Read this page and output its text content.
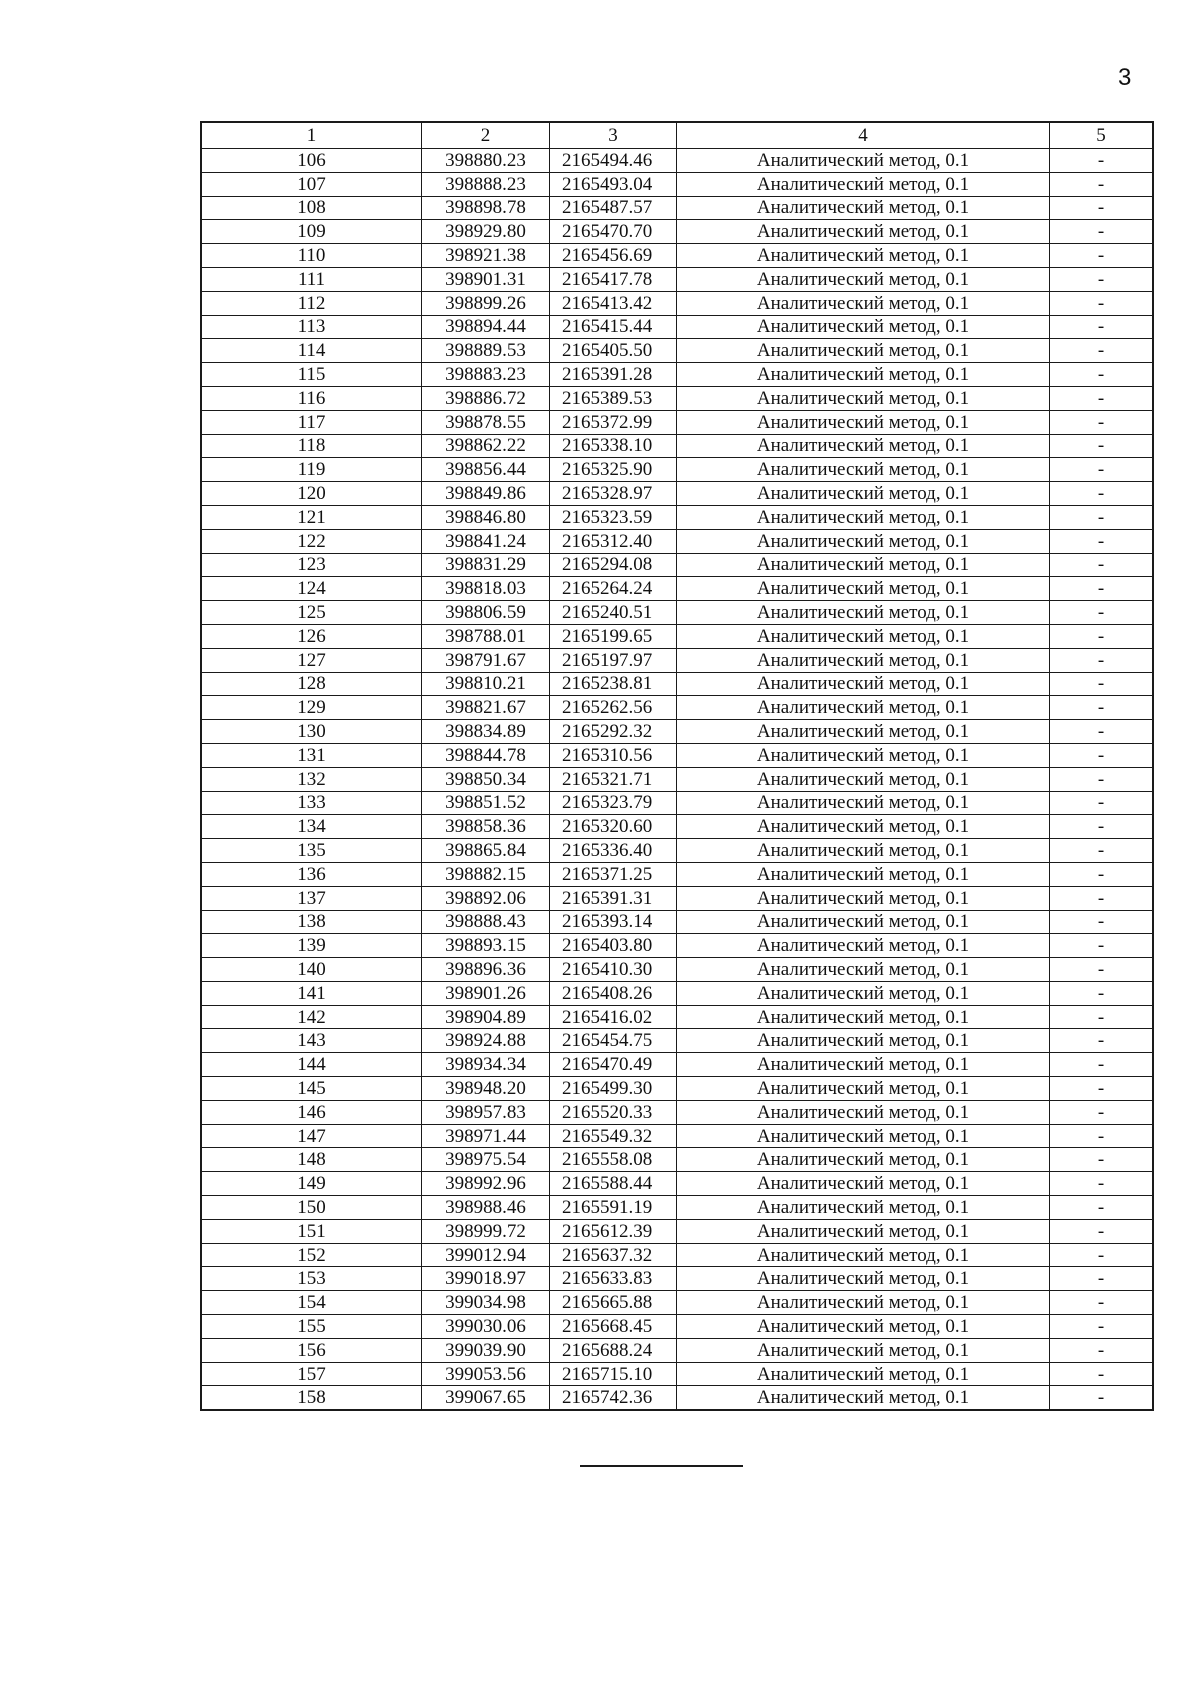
3
1	2	3	4	5
106	398880.23	2165494.46	Аналитический метод, 0.1	-
107	398888.23	2165493.04	Аналитический метод, 0.1	-
108	398898.78	2165487.57	Аналитический метод, 0.1	-
109	398929.80	2165470.70	Аналитический метод, 0.1	-
110	398921.38	2165456.69	Аналитический метод, 0.1	-
111	398901.31	2165417.78	Аналитический метод, 0.1	-
112	398899.26	2165413.42	Аналитический метод, 0.1	-
113	398894.44	2165415.44	Аналитический метод, 0.1	-
114	398889.53	2165405.50	Аналитический метод, 0.1	-
115	398883.23	2165391.28	Аналитический метод, 0.1	-
116	398886.72	2165389.53	Аналитический метод, 0.1	-
117	398878.55	2165372.99	Аналитический метод, 0.1	-
118	398862.22	2165338.10	Аналитический метод, 0.1	-
119	398856.44	2165325.90	Аналитический метод, 0.1	-
120	398849.86	2165328.97	Аналитический метод, 0.1	-
121	398846.80	2165323.59	Аналитический метод, 0.1	-
122	398841.24	2165312.40	Аналитический метод, 0.1	-
123	398831.29	2165294.08	Аналитический метод, 0.1	-
124	398818.03	2165264.24	Аналитический метод, 0.1	-
125	398806.59	2165240.51	Аналитический метод, 0.1	-
126	398788.01	2165199.65	Аналитический метод, 0.1	-
127	398791.67	2165197.97	Аналитический метод, 0.1	-
128	398810.21	2165238.81	Аналитический метод, 0.1	-
129	398821.67	2165262.56	Аналитический метод, 0.1	-
130	398834.89	2165292.32	Аналитический метод, 0.1	-
131	398844.78	2165310.56	Аналитический метод, 0.1	-
132	398850.34	2165321.71	Аналитический метод, 0.1	-
133	398851.52	2165323.79	Аналитический метод, 0.1	-
134	398858.36	2165320.60	Аналитический метод, 0.1	-
135	398865.84	2165336.40	Аналитический метод, 0.1	-
136	398882.15	2165371.25	Аналитический метод, 0.1	-
137	398892.06	2165391.31	Аналитический метод, 0.1	-
138	398888.43	2165393.14	Аналитический метод, 0.1	-
139	398893.15	2165403.80	Аналитический метод, 0.1	-
140	398896.36	2165410.30	Аналитический метод, 0.1	-
141	398901.26	2165408.26	Аналитический метод, 0.1	-
142	398904.89	2165416.02	Аналитический метод, 0.1	-
143	398924.88	2165454.75	Аналитический метод, 0.1	-
144	398934.34	2165470.49	Аналитический метод, 0.1	-
145	398948.20	2165499.30	Аналитический метод, 0.1	-
146	398957.83	2165520.33	Аналитический метод, 0.1	-
147	398971.44	2165549.32	Аналитический метод, 0.1	-
148	398975.54	2165558.08	Аналитический метод, 0.1	-
149	398992.96	2165588.44	Аналитический метод, 0.1	-
150	398988.46	2165591.19	Аналитический метод, 0.1	-
151	398999.72	2165612.39	Аналитический метод, 0.1	-
152	399012.94	2165637.32	Аналитический метод, 0.1	-
153	399018.97	2165633.83	Аналитический метод, 0.1	-
154	399034.98	2165665.88	Аналитический метод, 0.1	-
155	399030.06	2165668.45	Аналитический метод, 0.1	-
156	399039.90	2165688.24	Аналитический метод, 0.1	-
157	399053.56	2165715.10	Аналитический метод, 0.1	-
158	399067.65	2165742.36	Аналитический метод, 0.1	-
